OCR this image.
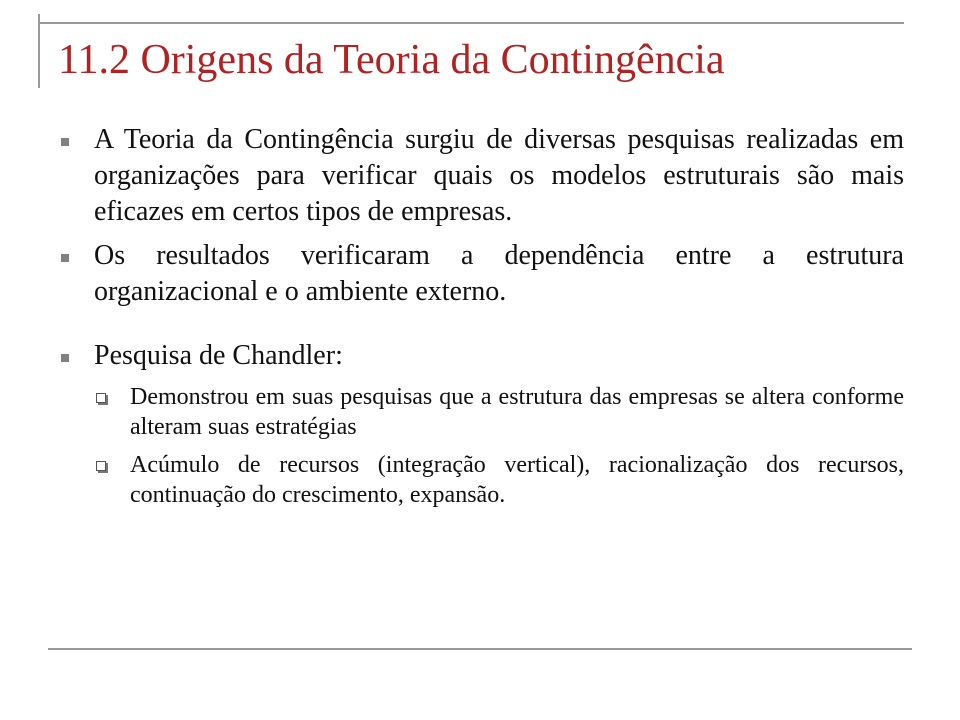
11.2 Origens da Teoria da Contingência
A Teoria da Contingência surgiu de diversas pesquisas realizadas em organizações para verificar quais os modelos estruturais são mais eficazes em certos tipos de empresas.
Os resultados verificaram a dependência entre a estrutura organizacional e o ambiente externo.
Pesquisa de Chandler:
Demonstrou em suas pesquisas que a estrutura das empresas se altera conforme alteram suas estratégias
Acúmulo de recursos (integração vertical), racionalização dos recursos, continuação do crescimento, expansão.
